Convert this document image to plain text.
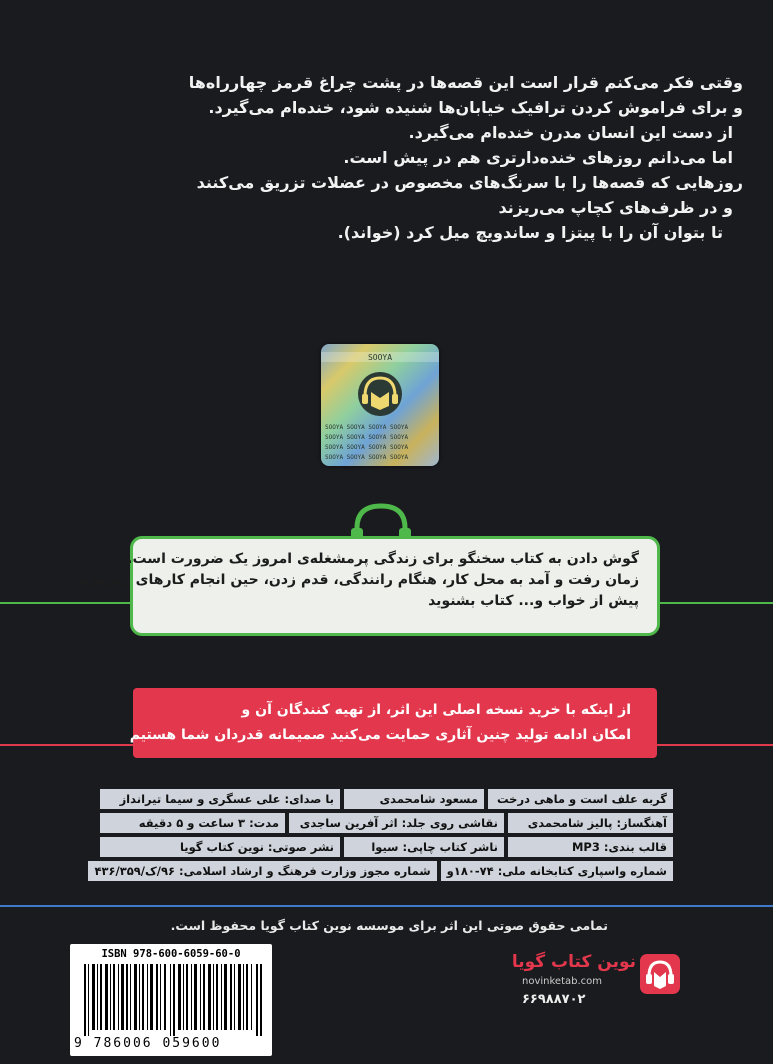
وقتی فکر می‌کنم قرار است این قصه‌ها در پشت چراغ قرمز چهارراه‌ها
و برای فراموش کردن ترافیک خیابان‌ها شنیده شود، خنده‌ام می‌گیرد.
از دست این انسان مدرن خنده‌ام می‌گیرد.
اما می‌دانم روزهای خنده‌دارتری هم در پیش است.
روزهایی که قصه‌ها را با سرنگ‌های مخصوص در عضلات تزریق می‌کنند
و در ظرف‌های کچاپ می‌ریزند
تا بتوان آن را با پیتزا و ساندویچ میل کرد (خواند).
SOOYA
SOOYA SOOYA SOOYA SOOYA
SOOYA SOOYA SOOYA SOOYA
SOOYA SOOYA SOOYA SOOYA
SOOYA SOOYA SOOYA SOOYA
گوش دادن به کتاب سخنگو برای زندگی پرمشغله‌ی امروز یک ضرورت است.
زمان رفت و آمد به محل کار، هنگام رانندگی، قدم زدن، حین انجام کارهای روزمره،
پیش از خواب و... کتاب بشنوید
از اینکه با خرید نسخه اصلی این اثر، از تهیه کنندگان آن و
امکان ادامه تولید چنین آثاری حمایت می‌کنید صمیمانه قدردان شما هستیم
گربه علف است و ماهی درخت
مسعود شامحمدی
با صدای: علی عسگری و سیما تیرانداز
آهنگساز: پالیز شامحمدی
نقاشی روی جلد: اثر آفرین ساجدی
مدت: ۳ ساعت و ۵ دقیقه
قالب بندی: MP3
ناشر کتاب چاپی: سیوا
نشر صوتی: نوین کتاب گویا
شماره واسپاری کتابخانه ملی: ۷۴-۱۸۰و
شماره مجوز وزارت فرهنگ و ارشاد اسلامی: ۹۶/ک/۴۳۶/۳۵۹
تمامی حقوق صوتی این اثر برای موسسه نوین کتاب گویا محفوظ است.
ISBN 978-600-6059-60-0
9 786006 059600
نوین کتاب گویا
novinketab.com
۶۶۹۸۸۷۰۲
